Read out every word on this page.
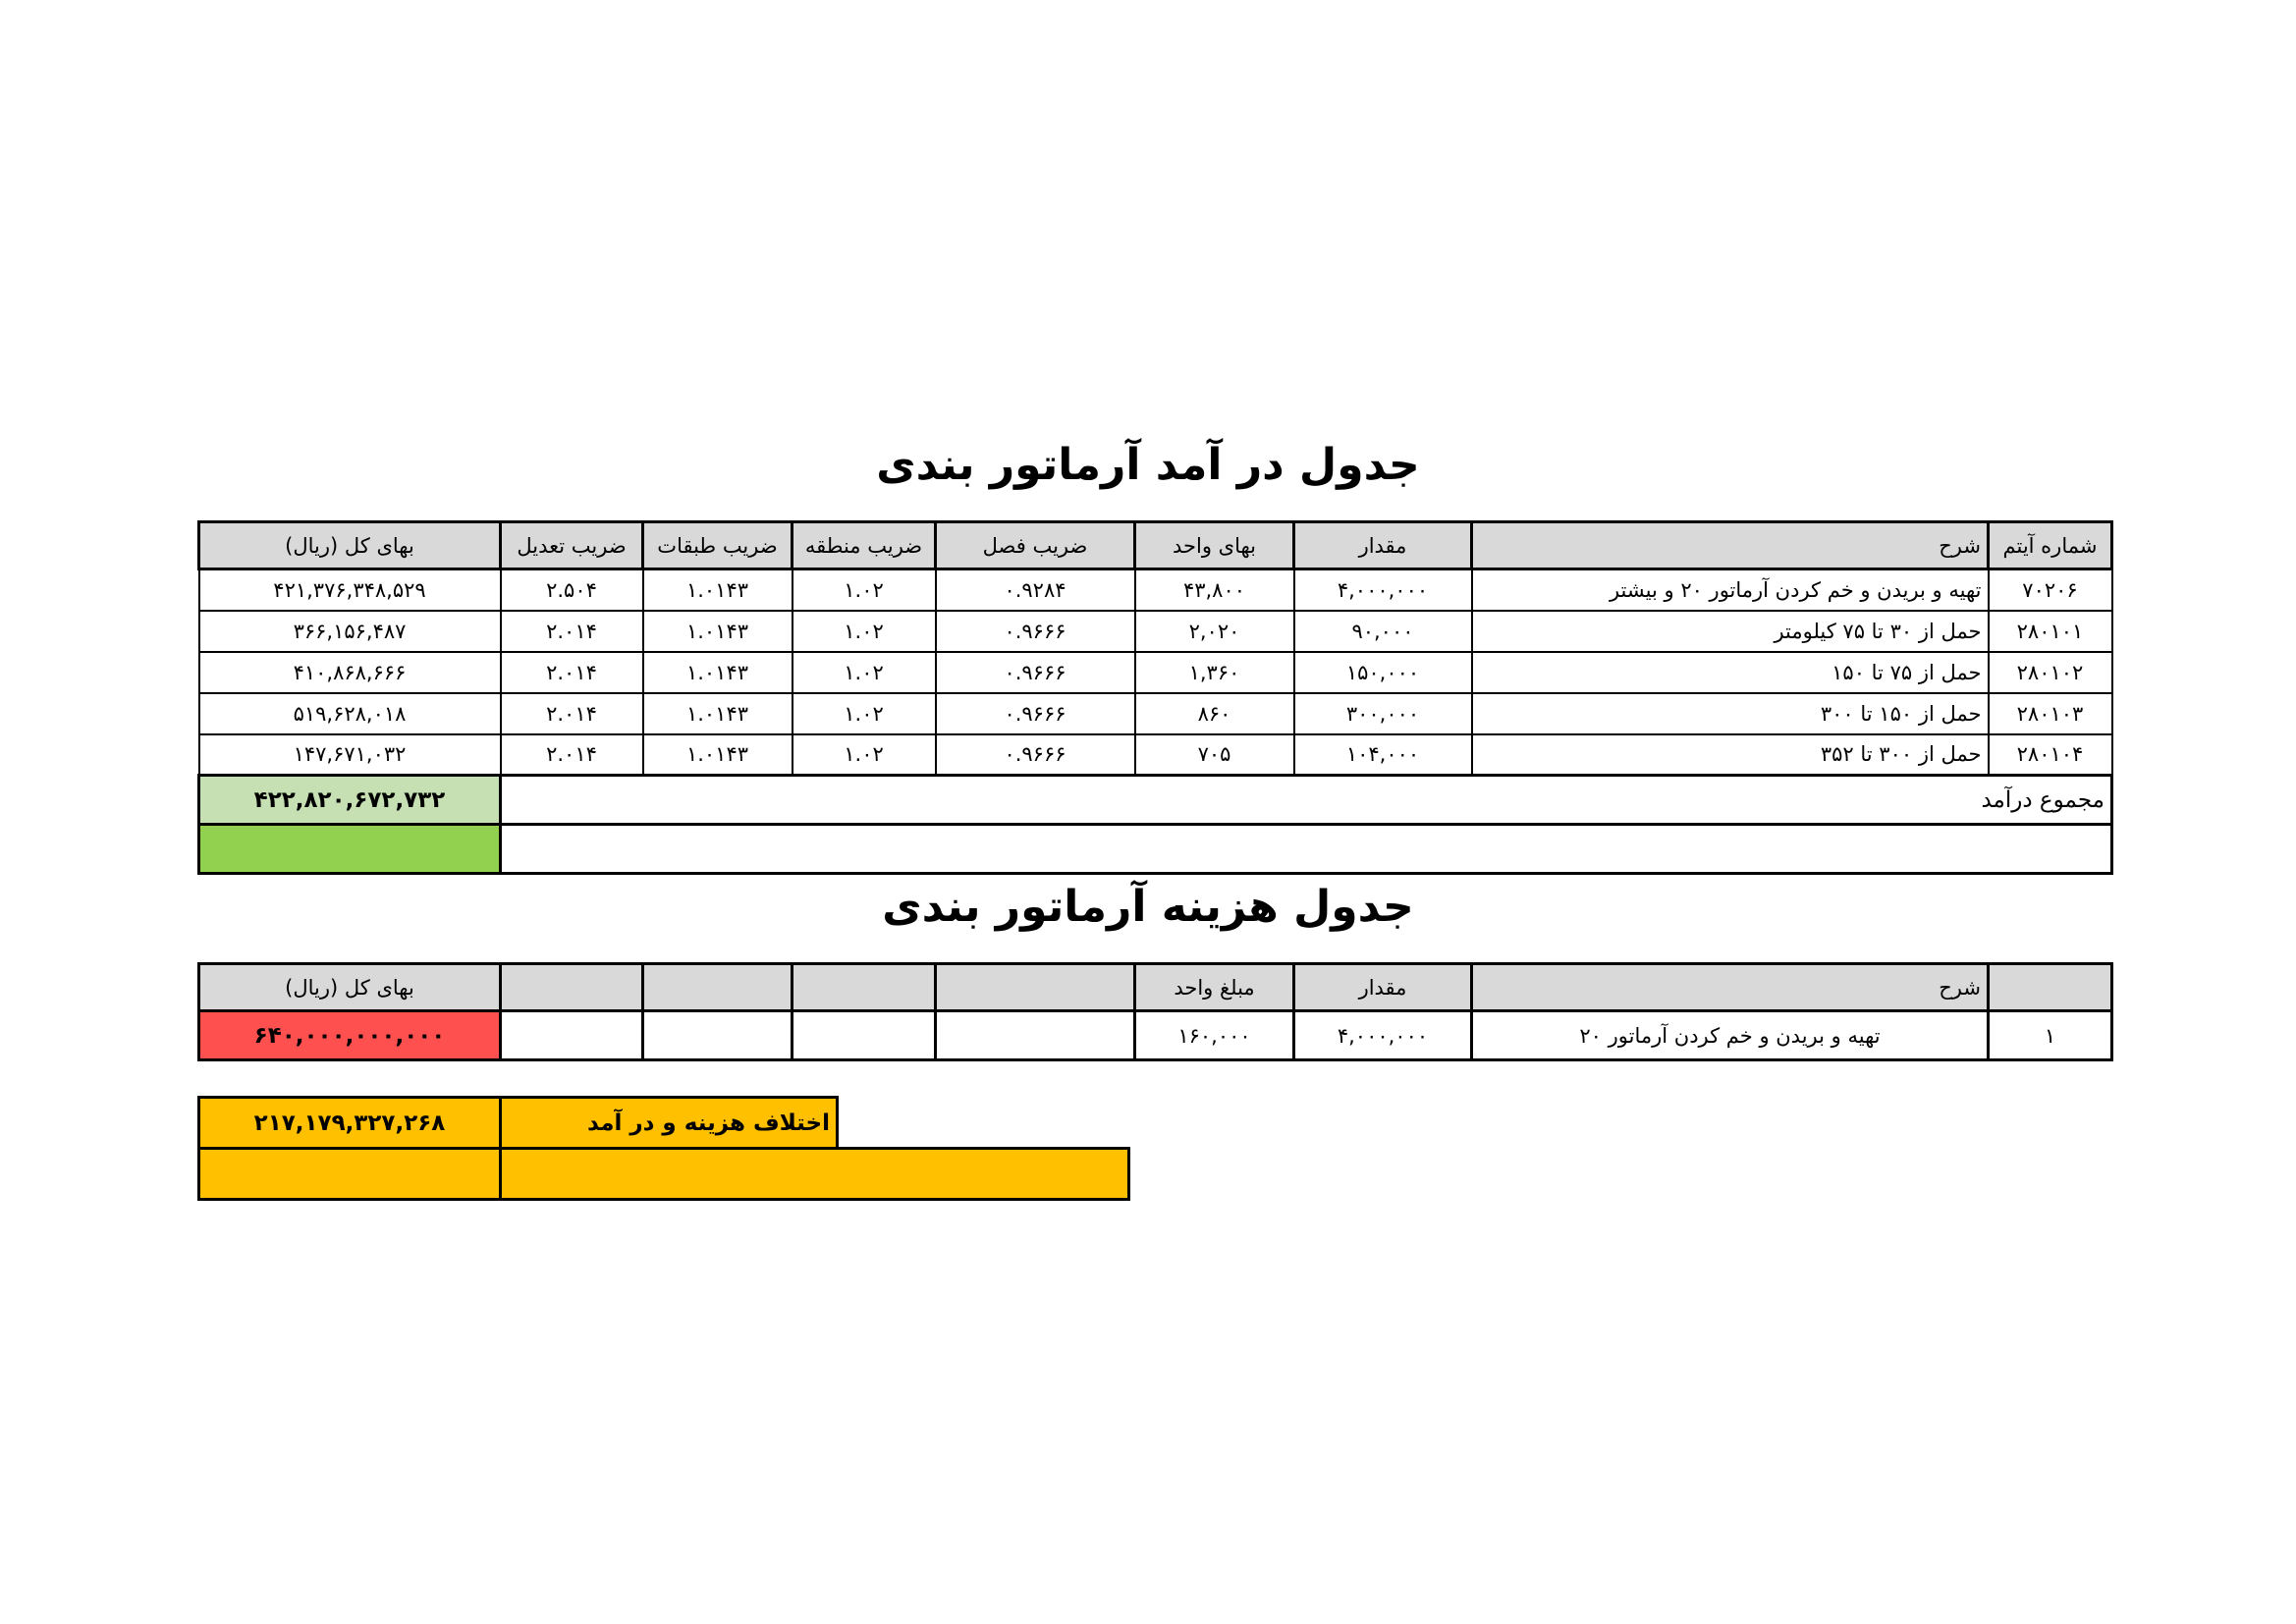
جدول در آمد آرماتور بندی
شماره آیتم	شرح	مقدار	بهای واحد	ضریب فصل	ضریب منطقه	ضریب طبقات	ضریب تعدیل	بهای کل (ریال)
۷۰۲۰۶	تهیه و بریدن و خم کردن آرماتور ۲۰ و بیشتر	۴,۰۰۰,۰۰۰	۴۳,۸۰۰	۰.۹۲۸۴	۱.۰۲	۱.۰۱۴۳	۲.۵۰۴	۴۲۱,۳۷۶,۳۴۸,۵۲۹
۲۸۰۱۰۱	حمل از ۳۰ تا ۷۵ کیلومتر	۹۰,۰۰۰	۲,۰۲۰	۰.۹۶۶۶	۱.۰۲	۱.۰۱۴۳	۲.۰۱۴	۳۶۶,۱۵۶,۴۸۷
۲۸۰۱۰۲	حمل از ۷۵ تا ۱۵۰	۱۵۰,۰۰۰	۱,۳۶۰	۰.۹۶۶۶	۱.۰۲	۱.۰۱۴۳	۲.۰۱۴	۴۱۰,۸۶۸,۶۶۶
۲۸۰۱۰۳	حمل از ۱۵۰ تا ۳۰۰	۳۰۰,۰۰۰	۸۶۰	۰.۹۶۶۶	۱.۰۲	۱.۰۱۴۳	۲.۰۱۴	۵۱۹,۶۲۸,۰۱۸
۲۸۰۱۰۴	حمل از ۳۰۰ تا ۳۵۲	۱۰۴,۰۰۰	۷۰۵	۰.۹۶۶۶	۱.۰۲	۱.۰۱۴۳	۲.۰۱۴	۱۴۷,۶۷۱,۰۳۲
مجموع درآمد								۴۲۲,۸۲۰,۶۷۲,۷۳۲

جدول هزینه آرماتور بندی
	شرح	مقدار	مبلغ واحد					بهای کل (ریال)
۱	تهیه و بریدن و خم کردن آرماتور ۲۰	۴,۰۰۰,۰۰۰	۱۶۰,۰۰۰					۶۴۰,۰۰۰,۰۰۰,۰۰۰
		اختلاف هزینه و در آمد	۲۱۷,۱۷۹,۳۲۷,۲۶۸
